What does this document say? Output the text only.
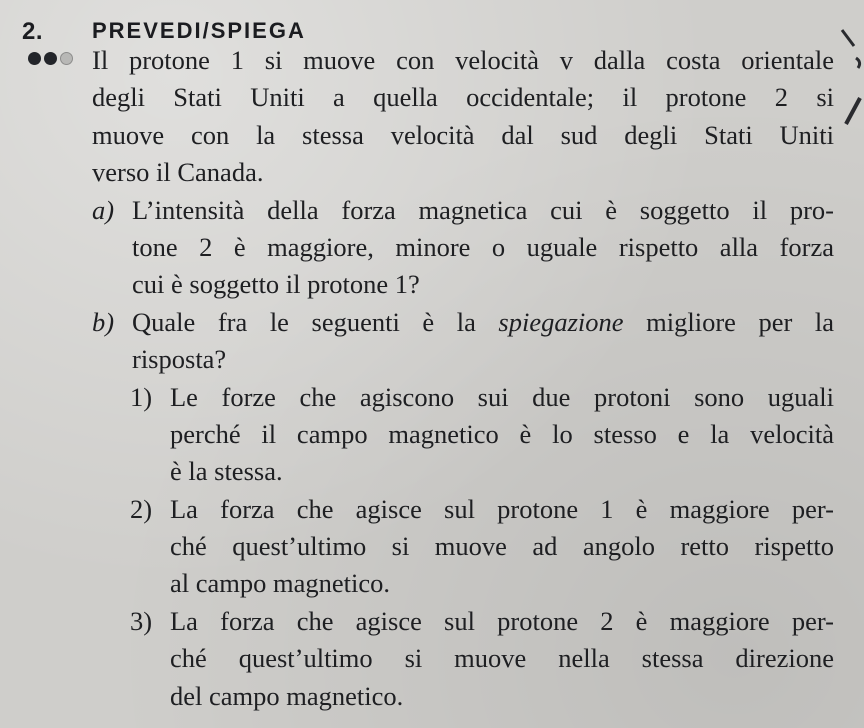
2. PREVEDI/SPIEGA
Il protone 1 si muove con velocità v dalla costa orientale
degli Stati Uniti a quella occidentale; il protone 2 si
muove con la stessa velocità dal sud degli Stati Uniti
verso il Canada.
a) L’intensità della forza magnetica cui è soggetto il pro-
tone 2 è maggiore, minore o uguale rispetto alla forza
cui è soggetto il protone 1?
b) Quale fra le seguenti è la spiegazione migliore per la
risposta?
1) Le forze che agiscono sui due protoni sono uguali
perché il campo magnetico è lo stesso e la velocità
è la stessa.
2) La forza che agisce sul protone 1 è maggiore per-
ché quest’ultimo si muove ad angolo retto rispetto
al campo magnetico.
3) La forza che agisce sul protone 2 è maggiore per-
ché quest’ultimo si muove nella stessa direzione
del campo magnetico.
